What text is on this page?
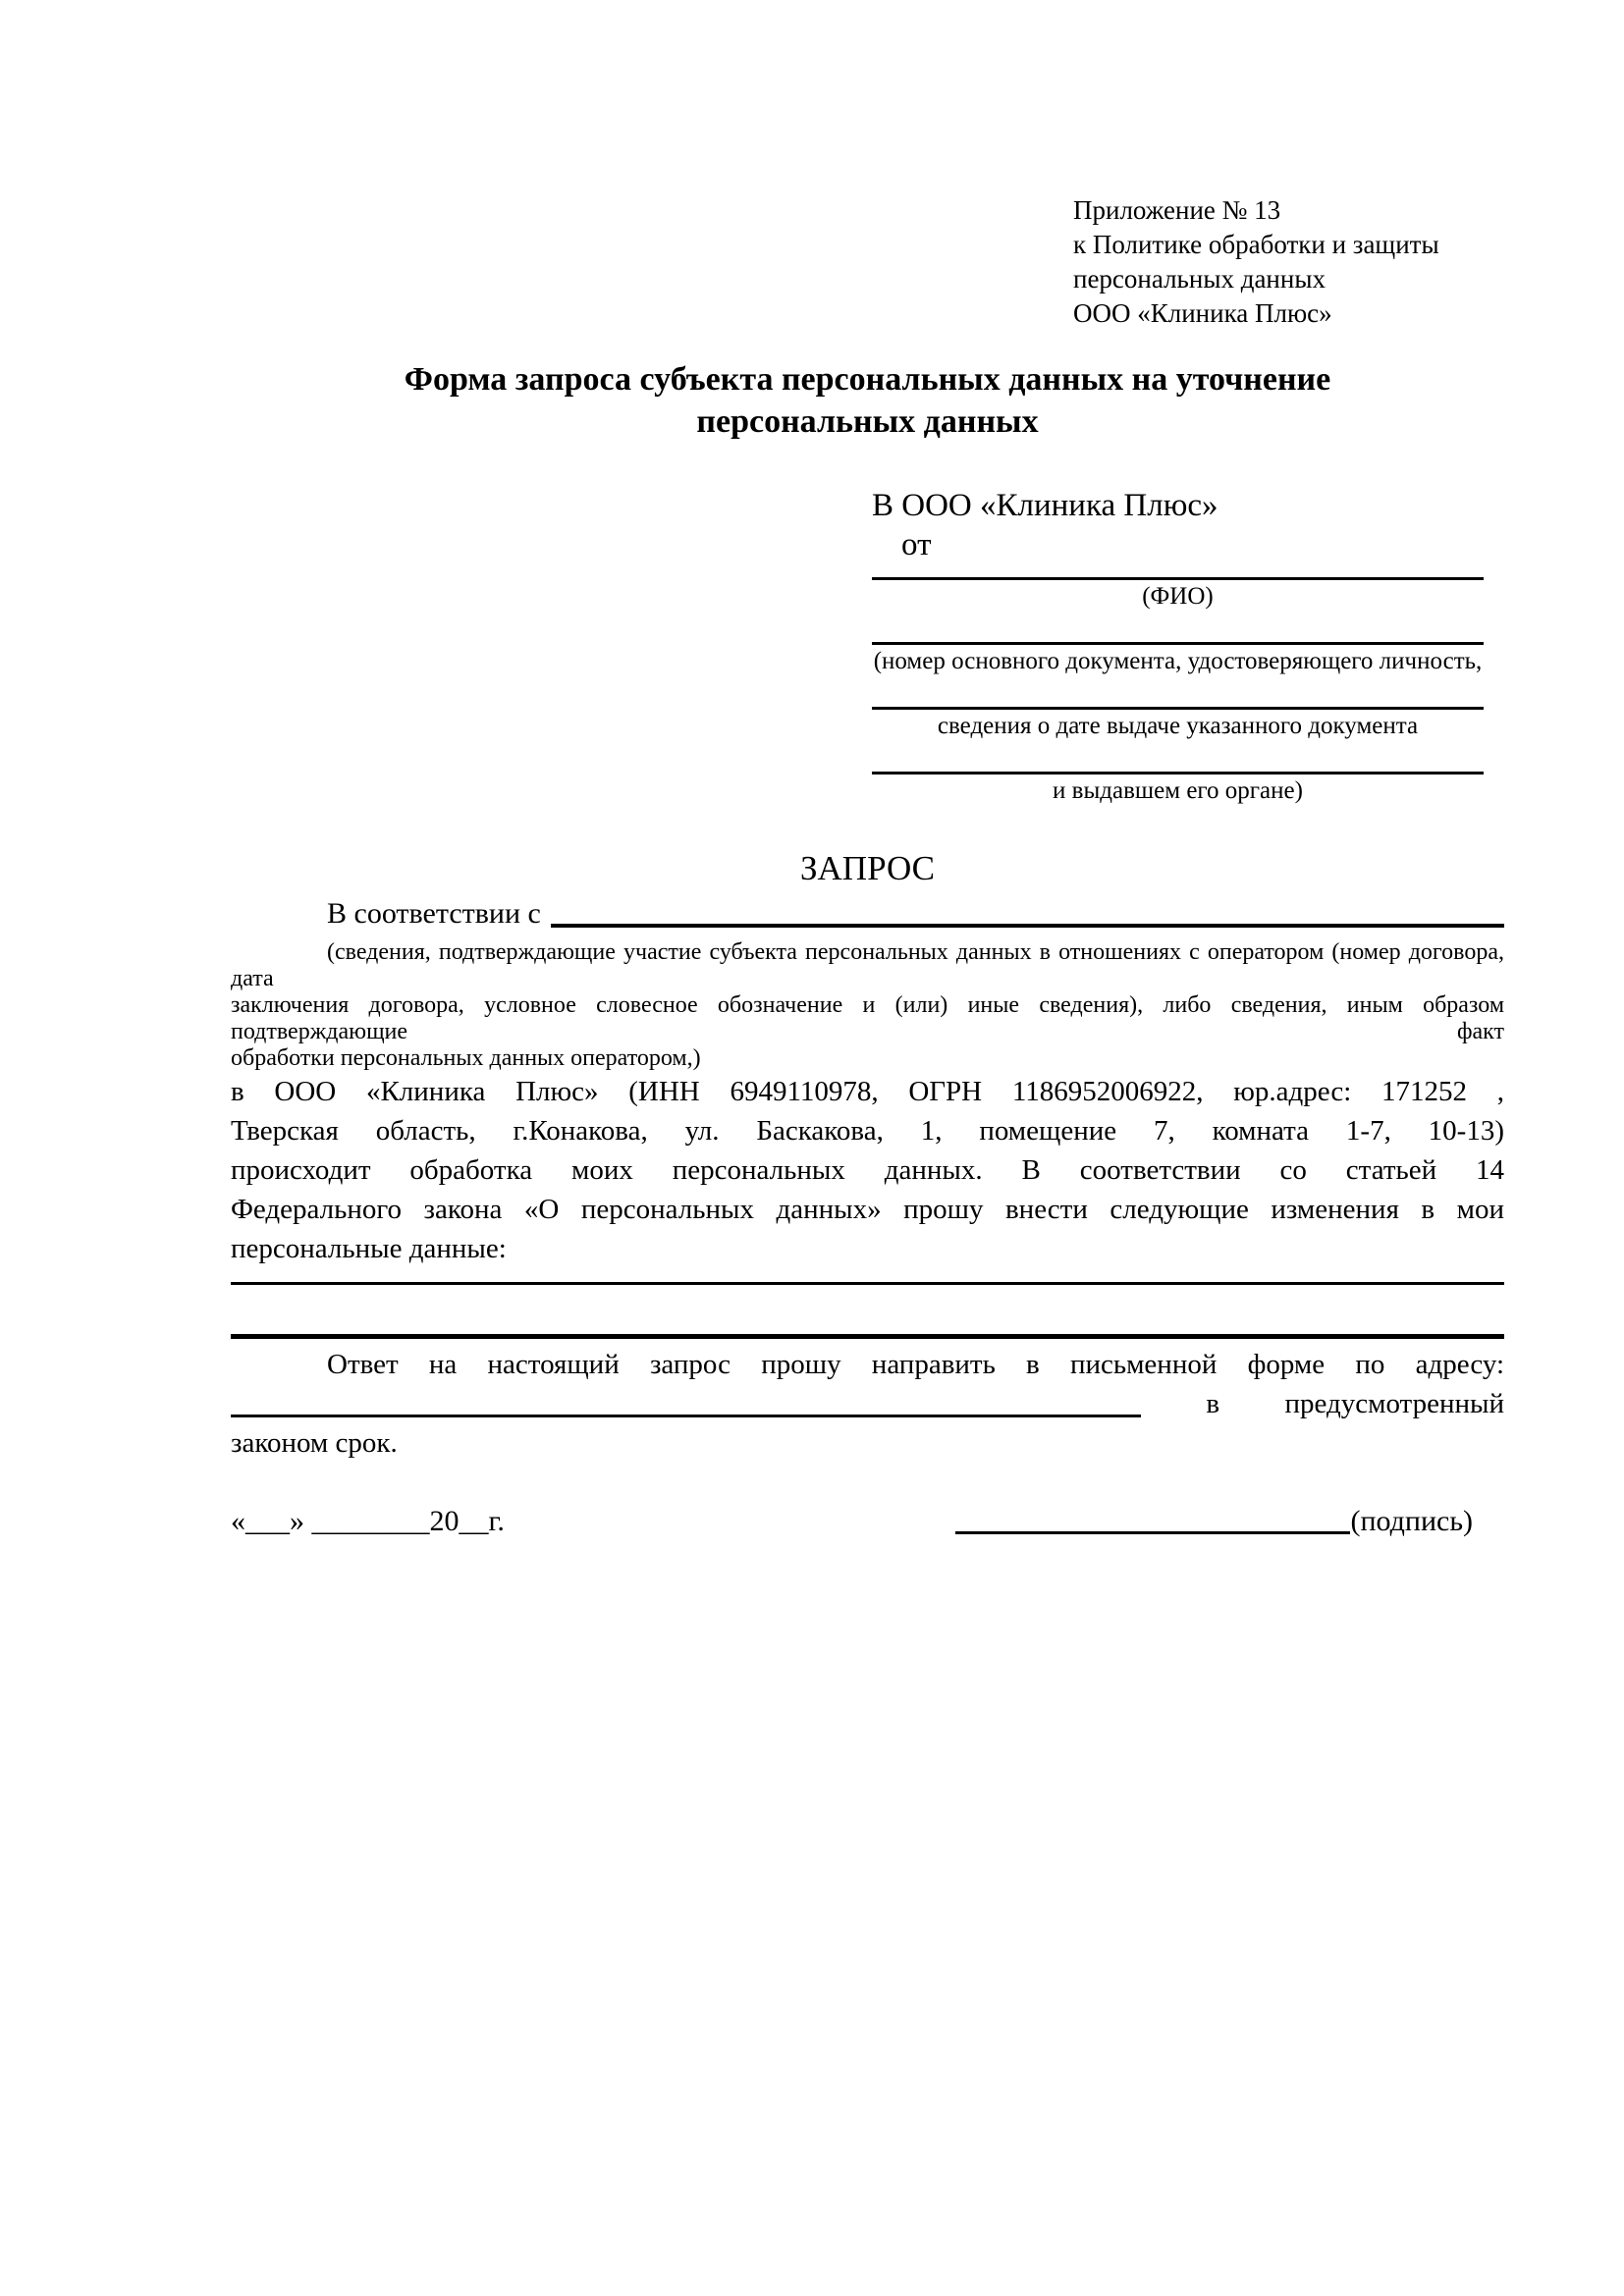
Приложение № 13
к Политике обработки и защиты
персональных данных
ООО «Клиника Плюс»
Форма запроса субъекта персональных данных на уточнение персональных данных
В ООО «Клиника Плюс»
от
(ФИО)
(номер основного документа, удостоверяющего личность,
сведения о дате выдаче указанного документа
и выдавшем его органе)
ЗАПРОС
В соответствии с
(сведения, подтверждающие участие субъекта персональных данных в отношениях с оператором (номер договора, дата
заключения договора, условное словесное обозначение и (или) иные сведения), либо сведения, иным образом подтверждающие факт
обработки персональных данных оператором,)
в ООО «Клиника Плюс» (ИНН 6949110978, ОГРН 1186952006922, юр.адрес: 171252 ,
Тверская область, г.Конакова, ул. Баскакова, 1, помещение 7, комната 1-7, 10-13)
происходит обработка моих персональных данных. В соответствии со статьей 14
Федерального закона «О персональных данных» прошу внести следующие изменения в мои
персональные данные:
Ответ на настоящий запрос прошу направить в письменной форме по адресу:
в предусмотренный
законом срок.
«___» ________20__г.	(подпись)
